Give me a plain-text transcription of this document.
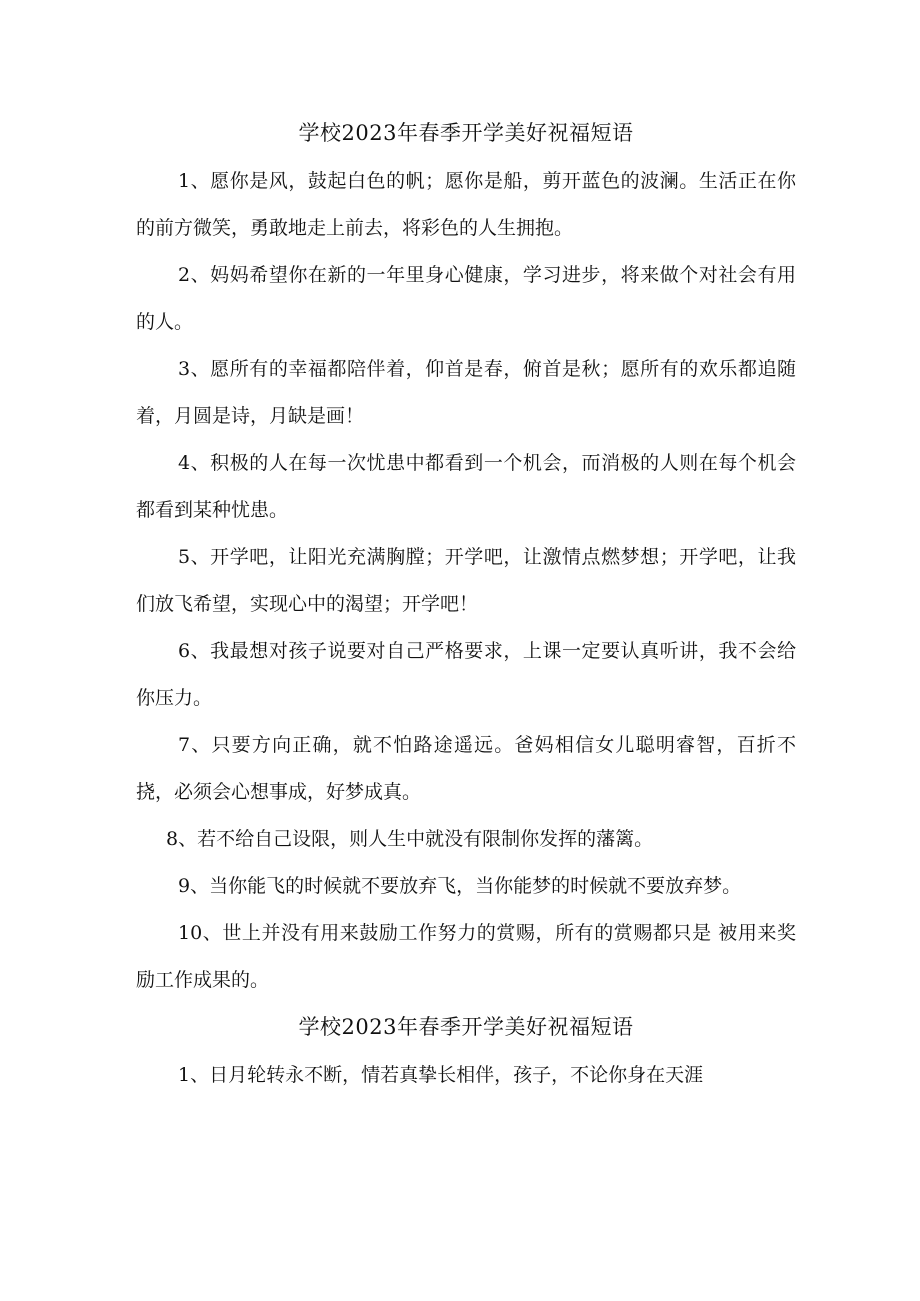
学校2023年春季开学美好祝福短语

1、愿你是风，鼓起白色的帆；愿你是船，剪开蓝色的波澜。生活正在你的前方微笑，勇敢地走上前去，将彩色的人生拥抱。

2、妈妈希望你在新的一年里身心健康，学习进步，将来做个对社会有用的人。

3、愿所有的幸福都陪伴着，仰首是春，俯首是秋；愿所有的欢乐都追随着，月圆是诗，月缺是画！

4、积极的人在每一次忧患中都看到一个机会，而消极的人则在每个机会都看到某种忧患。

5、开学吧，让阳光充满胸膛；开学吧，让激情点燃梦想；开学吧，让我们放飞希望，实现心中的渴望；开学吧！

6、我最想对孩子说要对自己严格要求，上课一定要认真听讲，我不会给你压力。

7、只要方向正确，就不怕路途遥远。爸妈相信女儿聪明睿智，百折不挠，必须会心想事成，好梦成真。

8、若不给自己设限，则人生中就没有限制你发挥的藩篱。

9、当你能飞的时候就不要放弃飞，当你能梦的时候就不要放弃梦。

10、世上并没有用来鼓励工作努力的赏赐，所有的赏赐都只是 被用来奖励工作成果的。

学校2023年春季开学美好祝福短语

1、日月轮转永不断，情若真挚长相伴，孩子，不论你身在天涯
